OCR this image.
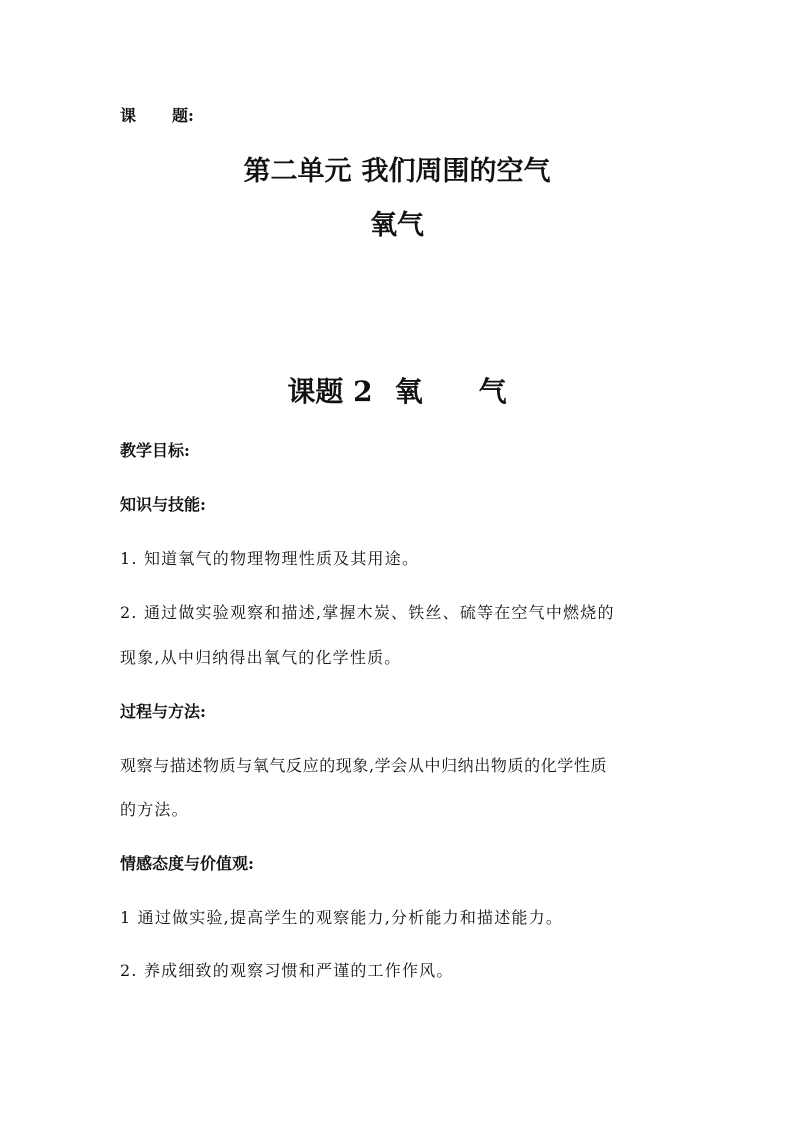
课 题:
第二单元 我们周围的空气
氧气
课题 2 氧 气
教学目标:
知识与技能:
1. 知道氧气的物理物理性质及其用途。
2. 通过做实验观察和描述,掌握木炭、铁丝、硫等在空气中燃烧的
现象,从中归纳得出氧气的化学性质。
过程与方法:
观察与描述物质与氧气反应的现象,学会从中归纳出物质的化学性质
的方法。
情感态度与价值观:
1 通过做实验,提高学生的观察能力,分析能力和描述能力。
2. 养成细致的观察习惯和严谨的工作作风。
